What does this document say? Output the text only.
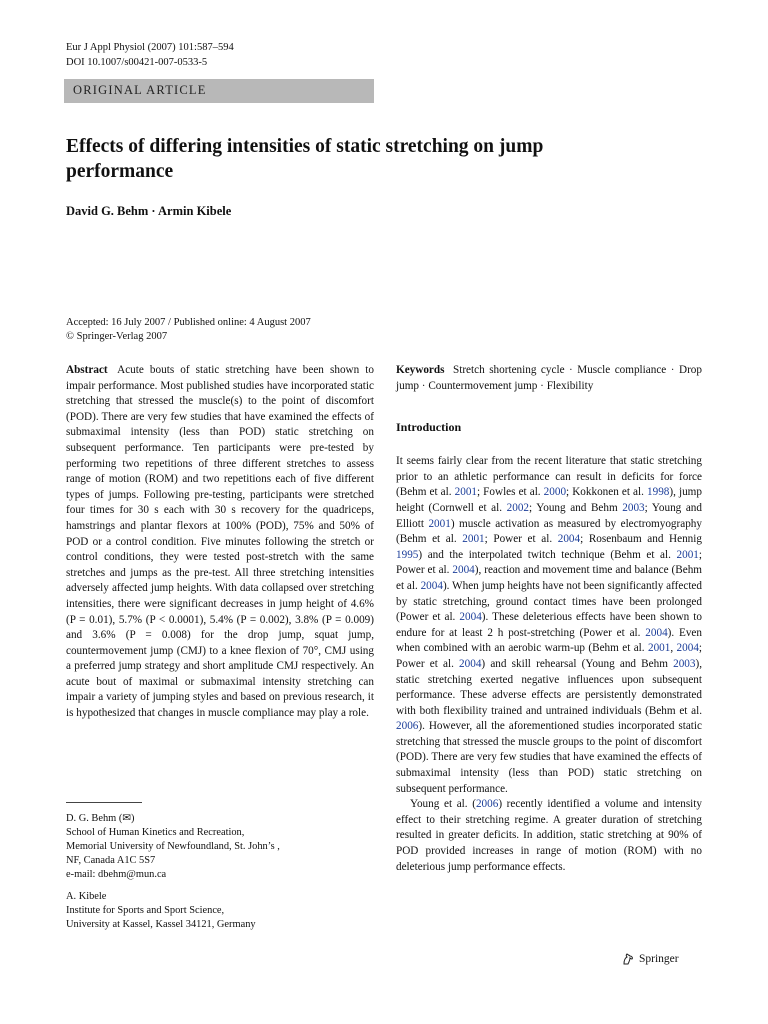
Eur J Appl Physiol (2007) 101:587–594
DOI 10.1007/s00421-007-0533-5
ORIGINAL ARTICLE
Effects of differing intensities of static stretching on jump performance
David G. Behm · Armin Kibele
Accepted: 16 July 2007 / Published online: 4 August 2007
© Springer-Verlag 2007

Abstract Acute bouts of static stretching have been shown to impair performance. Most published studies have incorporated static stretching that stressed the muscle(s) to the point of discomfort (POD). There are very few studies that have examined the effects of submaximal intensity (less than POD) static stretching on subsequent performance. Ten participants were pre-tested by performing two repetitions of three different stretches to assess range of motion (ROM) and two repetitions each of five different types of jumps. Following pre-testing, participants were stretched four times for 30 s each with 30 s recovery for the quadriceps, hamstrings and plantar flexors at 100% (POD), 75% and 50% of POD or a control condition. Five minutes following the stretch or control conditions, they were tested post-stretch with the same stretches and jumps as the pre-test. All three stretching intensities adversely affected jump heights. With data collapsed over stretching intensities, there were significant decreases in jump height of 4.6% (P = 0.01), 5.7% (P < 0.0001), 5.4% (P = 0.002), 3.8% (P = 0.009) and 3.6% (P = 0.008) for the drop jump, squat jump, countermovement jump (CMJ) to a knee flexion of 70°, CMJ using a preferred jump strategy and short amplitude CMJ respectively. An acute bout of maximal or submaximal intensity stretching can impair a variety of jumping styles and based on previous research, it is hypothesized that changes in muscle compliance may play a role.

D. G. Behm (✉)
School of Human Kinetics and Recreation,
Memorial University of Newfoundland, St. John’s ,
NF, Canada A1C 5S7
e-mail: dbehm@mun.ca
A. Kibele
Institute for Sports and Sport Science,
University at Kassel, Kassel 34121, Germany

Keywords Stretch shortening cycle · Muscle compliance · Drop jump · Countermovement jump · Flexibility

Introduction

It seems fairly clear from the recent literature that static stretching prior to an athletic performance can result in deficits for force (Behm et al. 2001; Fowles et al. 2000; Kokkonen et al. 1998), jump height (Cornwell et al. 2002; Young and Behm 2003; Young and Elliott 2001) muscle activation as measured by electromyography (Behm et al. 2001; Power et al. 2004; Rosenbaum and Hennig 1995) and the interpolated twitch technique (Behm et al. 2001; Power et al. 2004), reaction and movement time and balance (Behm et al. 2004). When jump heights have not been significantly affected by static stretching, ground contact times have been prolonged (Power et al. 2004). These deleterious effects have been shown to endure for at least 2 h post-stretching (Power et al. 2004). Even when combined with an aerobic warm-up (Behm et al. 2001, 2004; Power et al. 2004) and skill rehearsal (Young and Behm 2003), static stretching exerted negative influences upon subsequent performance. These adverse effects are persistently demonstrated with both flexibility trained and untrained individuals (Behm et al. 2006). However, all the aforementioned studies incorporated static stretching that stressed the muscle groups to the point of discomfort (POD). There are very few studies that have examined the effects of submaximal intensity (less than POD) static stretching on subsequent performance.

Young et al. (2006) recently identified a volume and intensity effect to their stretching regime. A greater duration of stretching resulted in greater deficits. In addition, static stretching at 90% of POD provided increases in range of motion (ROM) with no deleterious jump performance effects.

Springer
